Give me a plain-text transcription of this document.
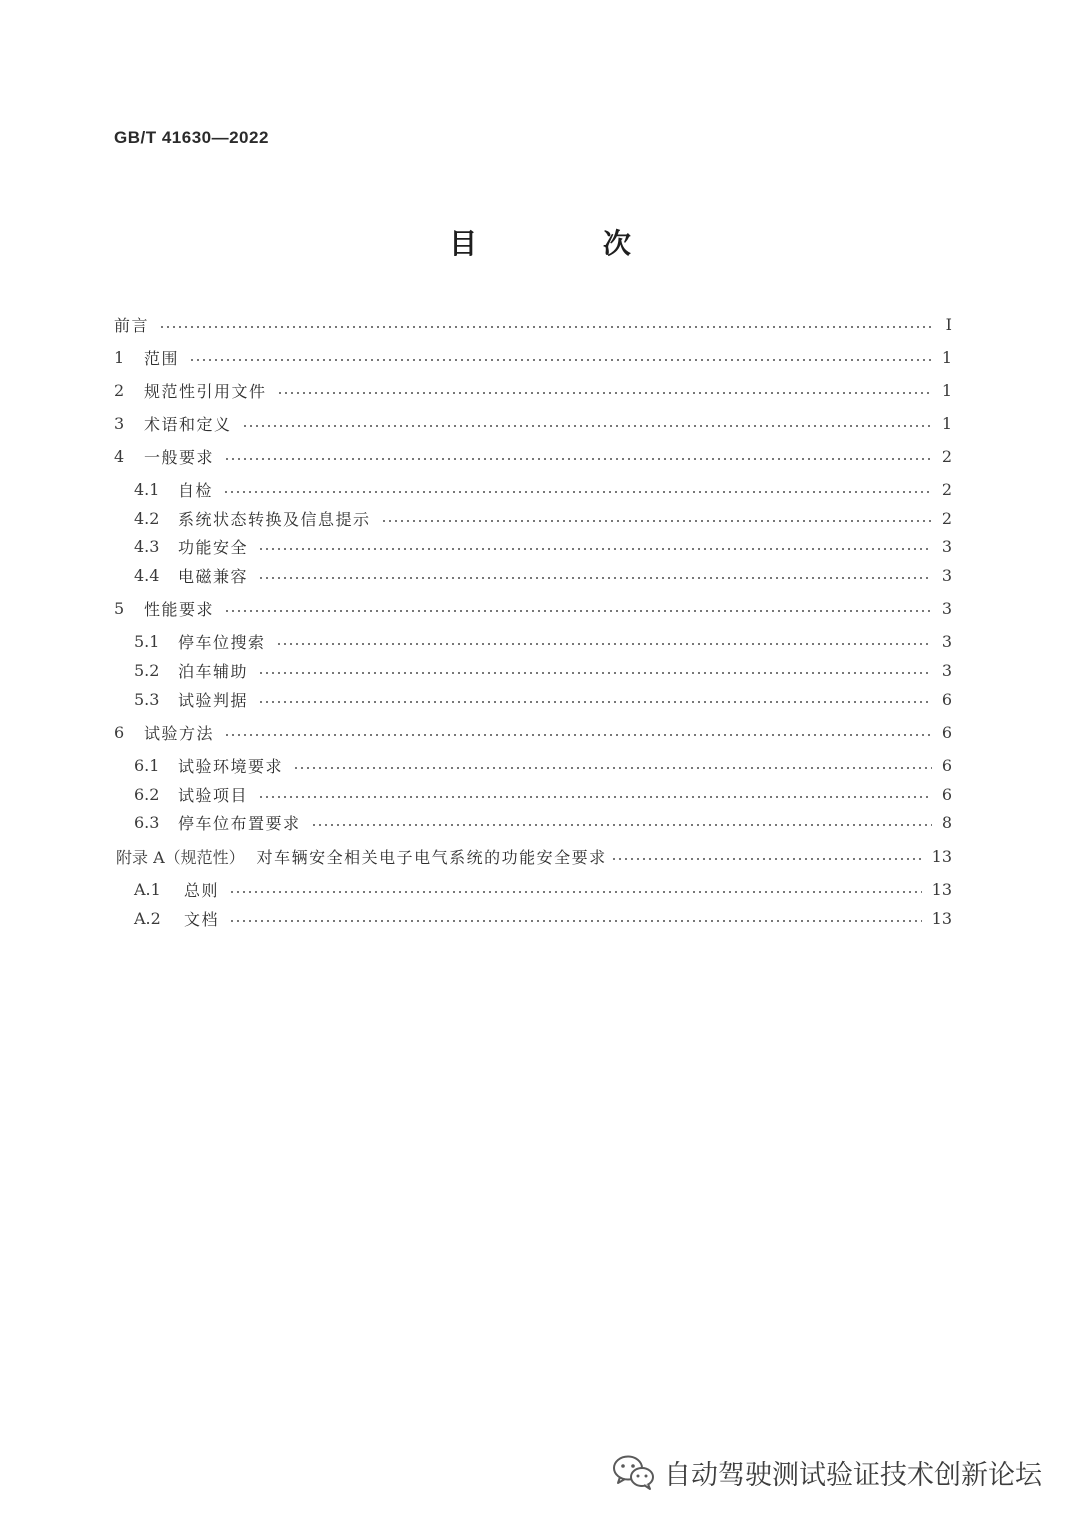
GB/T 41630—2022
目 次
前言	I
1	范围	1
2	规范性引用文件	1
3	术语和定义	1
4	一般要求	2
4.1	自检	2
4.2	系统状态转换及信息提示	2
4.3	功能安全	3
4.4	电磁兼容	3
5	性能要求	3
5.1	停车位搜索	3
5.2	泊车辅助	3
5.3	试验判据	6
6	试验方法	6
6.1	试验环境要求	6
6.2	试验项目	6
6.3	停车位布置要求	8
附录 A（规范性） 对车辆安全相关电子电气系统的功能安全要求	13
A.1	总则	13
A.2	文档	13
自动驾驶测试验证技术创新论坛
